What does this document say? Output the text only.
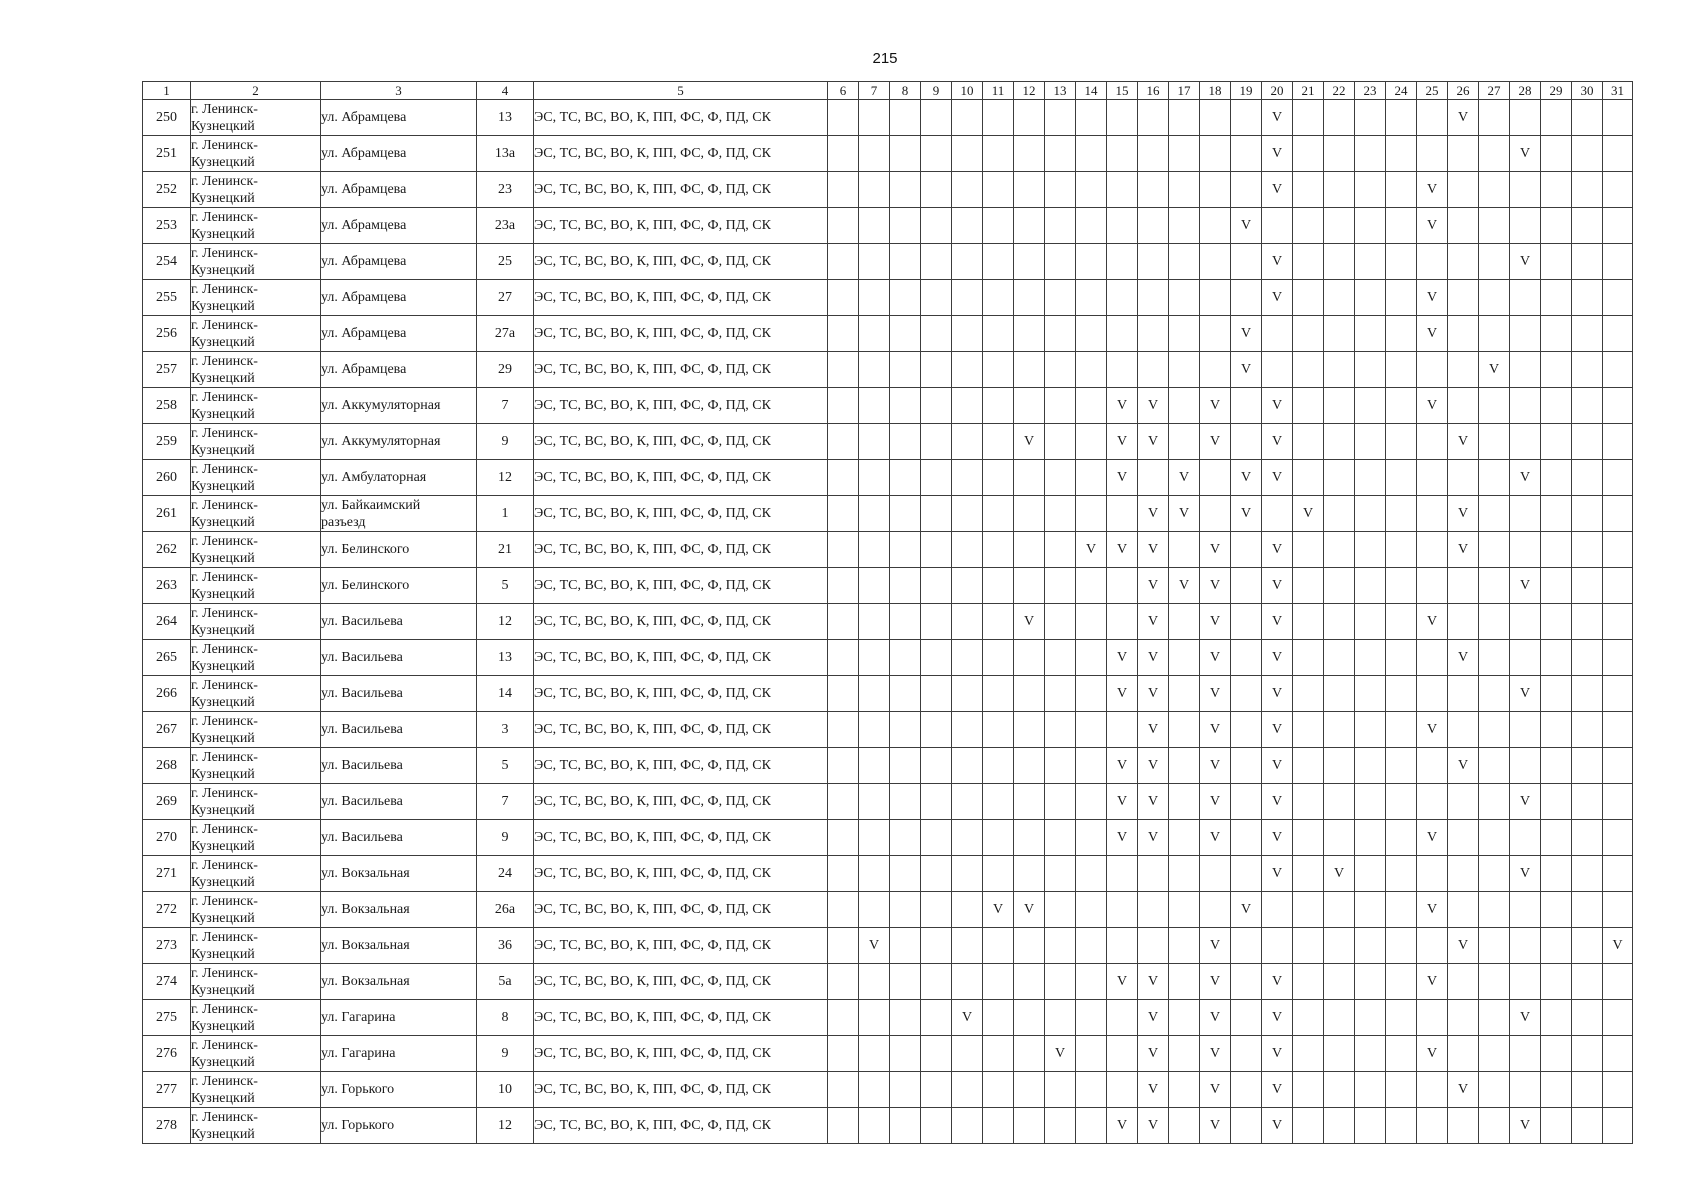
215
1	2	3	4	5	6	7	8	9	10	11	12	13	14	15	16	17	18	19	20	21	22	23	24	25	26	27	28	29	30	31
250	г. Ленинск-
Кузнецкий	ул. Абрамцева	13	ЭС, ТС, ВС, ВО, К, ПП, ФС, Ф, ПД, СК															V						V					
251	г. Ленинск-
Кузнецкий	ул. Абрамцева	13а	ЭС, ТС, ВС, ВО, К, ПП, ФС, Ф, ПД, СК															V								V			
252	г. Ленинск-
Кузнецкий	ул. Абрамцева	23	ЭС, ТС, ВС, ВО, К, ПП, ФС, Ф, ПД, СК															V					V						
253	г. Ленинск-
Кузнецкий	ул. Абрамцева	23а	ЭС, ТС, ВС, ВО, К, ПП, ФС, Ф, ПД, СК														V						V						
254	г. Ленинск-
Кузнецкий	ул. Абрамцева	25	ЭС, ТС, ВС, ВО, К, ПП, ФС, Ф, ПД, СК															V								V			
255	г. Ленинск-
Кузнецкий	ул. Абрамцева	27	ЭС, ТС, ВС, ВО, К, ПП, ФС, Ф, ПД, СК															V					V						
256	г. Ленинск-
Кузнецкий	ул. Абрамцева	27а	ЭС, ТС, ВС, ВО, К, ПП, ФС, Ф, ПД, СК														V						V						
257	г. Ленинск-
Кузнецкий	ул. Абрамцева	29	ЭС, ТС, ВС, ВО, К, ПП, ФС, Ф, ПД, СК														V								V				
258	г. Ленинск-
Кузнецкий	ул. Аккумуляторная	7	ЭС, ТС, ВС, ВО, К, ПП, ФС, Ф, ПД, СК										V	V		V		V					V						
259	г. Ленинск-
Кузнецкий	ул. Аккумуляторная	9	ЭС, ТС, ВС, ВО, К, ПП, ФС, Ф, ПД, СК							V			V	V		V		V						V					
260	г. Ленинск-
Кузнецкий	ул. Амбулаторная	12	ЭС, ТС, ВС, ВО, К, ПП, ФС, Ф, ПД, СК										V		V		V	V								V			
261	г. Ленинск-
Кузнецкий	ул. Байкаимский
разъезд	1	ЭС, ТС, ВС, ВО, К, ПП, ФС, Ф, ПД, СК											V	V		V		V					V					
262	г. Ленинск-
Кузнецкий	ул. Белинского	21	ЭС, ТС, ВС, ВО, К, ПП, ФС, Ф, ПД, СК									V	V	V		V		V						V					
263	г. Ленинск-
Кузнецкий	ул. Белинского	5	ЭС, ТС, ВС, ВО, К, ПП, ФС, Ф, ПД, СК											V	V	V		V								V			
264	г. Ленинск-
Кузнецкий	ул. Васильева	12	ЭС, ТС, ВС, ВО, К, ПП, ФС, Ф, ПД, СК							V				V		V		V					V						
265	г. Ленинск-
Кузнецкий	ул. Васильева	13	ЭС, ТС, ВС, ВО, К, ПП, ФС, Ф, ПД, СК										V	V		V		V						V					
266	г. Ленинск-
Кузнецкий	ул. Васильева	14	ЭС, ТС, ВС, ВО, К, ПП, ФС, Ф, ПД, СК										V	V		V		V								V			
267	г. Ленинск-
Кузнецкий	ул. Васильева	3	ЭС, ТС, ВС, ВО, К, ПП, ФС, Ф, ПД, СК											V		V		V					V						
268	г. Ленинск-
Кузнецкий	ул. Васильева	5	ЭС, ТС, ВС, ВО, К, ПП, ФС, Ф, ПД, СК										V	V		V		V						V					
269	г. Ленинск-
Кузнецкий	ул. Васильева	7	ЭС, ТС, ВС, ВО, К, ПП, ФС, Ф, ПД, СК										V	V		V		V								V			
270	г. Ленинск-
Кузнецкий	ул. Васильева	9	ЭС, ТС, ВС, ВО, К, ПП, ФС, Ф, ПД, СК										V	V		V		V					V						
271	г. Ленинск-
Кузнецкий	ул. Вокзальная	24	ЭС, ТС, ВС, ВО, К, ПП, ФС, Ф, ПД, СК															V		V						V			
272	г. Ленинск-
Кузнецкий	ул. Вокзальная	26а	ЭС, ТС, ВС, ВО, К, ПП, ФС, Ф, ПД, СК						V	V							V						V						
273	г. Ленинск-
Кузнецкий	ул. Вокзальная	36	ЭС, ТС, ВС, ВО, К, ПП, ФС, Ф, ПД, СК		V											V								V					V
274	г. Ленинск-
Кузнецкий	ул. Вокзальная	5а	ЭС, ТС, ВС, ВО, К, ПП, ФС, Ф, ПД, СК										V	V		V		V					V						
275	г. Ленинск-
Кузнецкий	ул. Гагарина	8	ЭС, ТС, ВС, ВО, К, ПП, ФС, Ф, ПД, СК					V						V		V		V								V			
276	г. Ленинск-
Кузнецкий	ул. Гагарина	9	ЭС, ТС, ВС, ВО, К, ПП, ФС, Ф, ПД, СК								V			V		V		V					V						
277	г. Ленинск-
Кузнецкий	ул. Горького	10	ЭС, ТС, ВС, ВО, К, ПП, ФС, Ф, ПД, СК											V		V		V						V					
278	г. Ленинск-
Кузнецкий	ул. Горького	12	ЭС, ТС, ВС, ВО, К, ПП, ФС, Ф, ПД, СК										V	V		V		V								V			
